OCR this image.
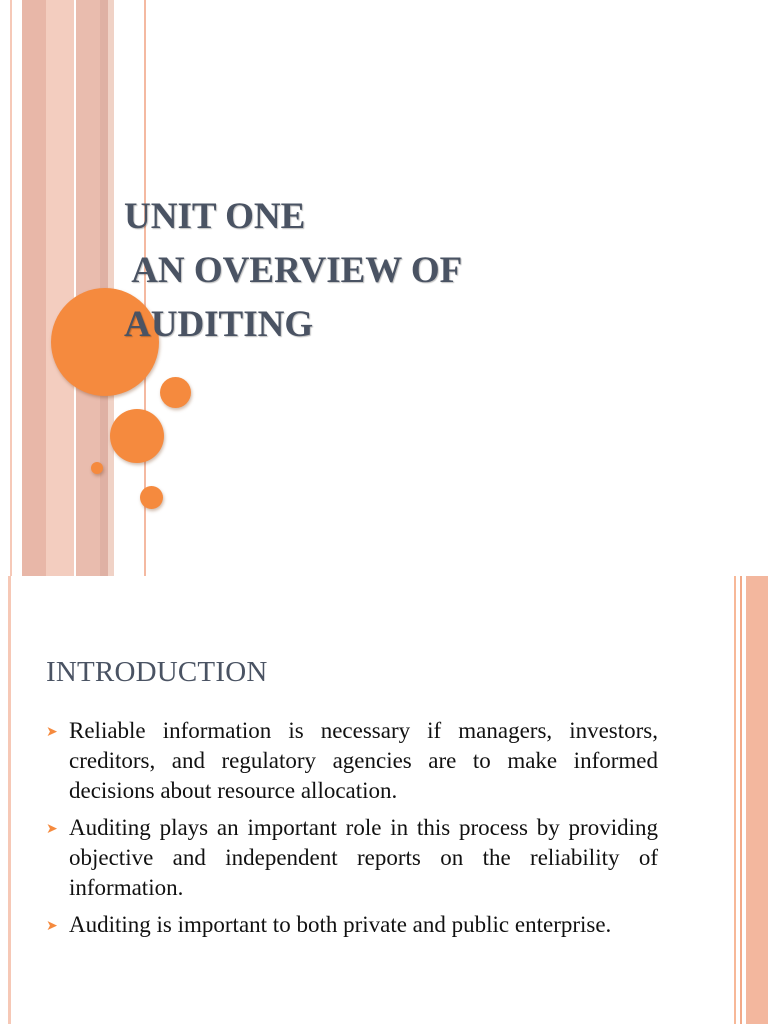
UNIT ONE
AN OVERVIEW OF
AUDITING
INTRODUCTION
➤ Reliable information is necessary if managers, investors, creditors, and regulatory agencies are to make informed decisions about resource allocation.
➤ Auditing plays an important role in this process by providing objective and independent reports on the reliability of information.
➤ Auditing is important to both private and public enterprise.
